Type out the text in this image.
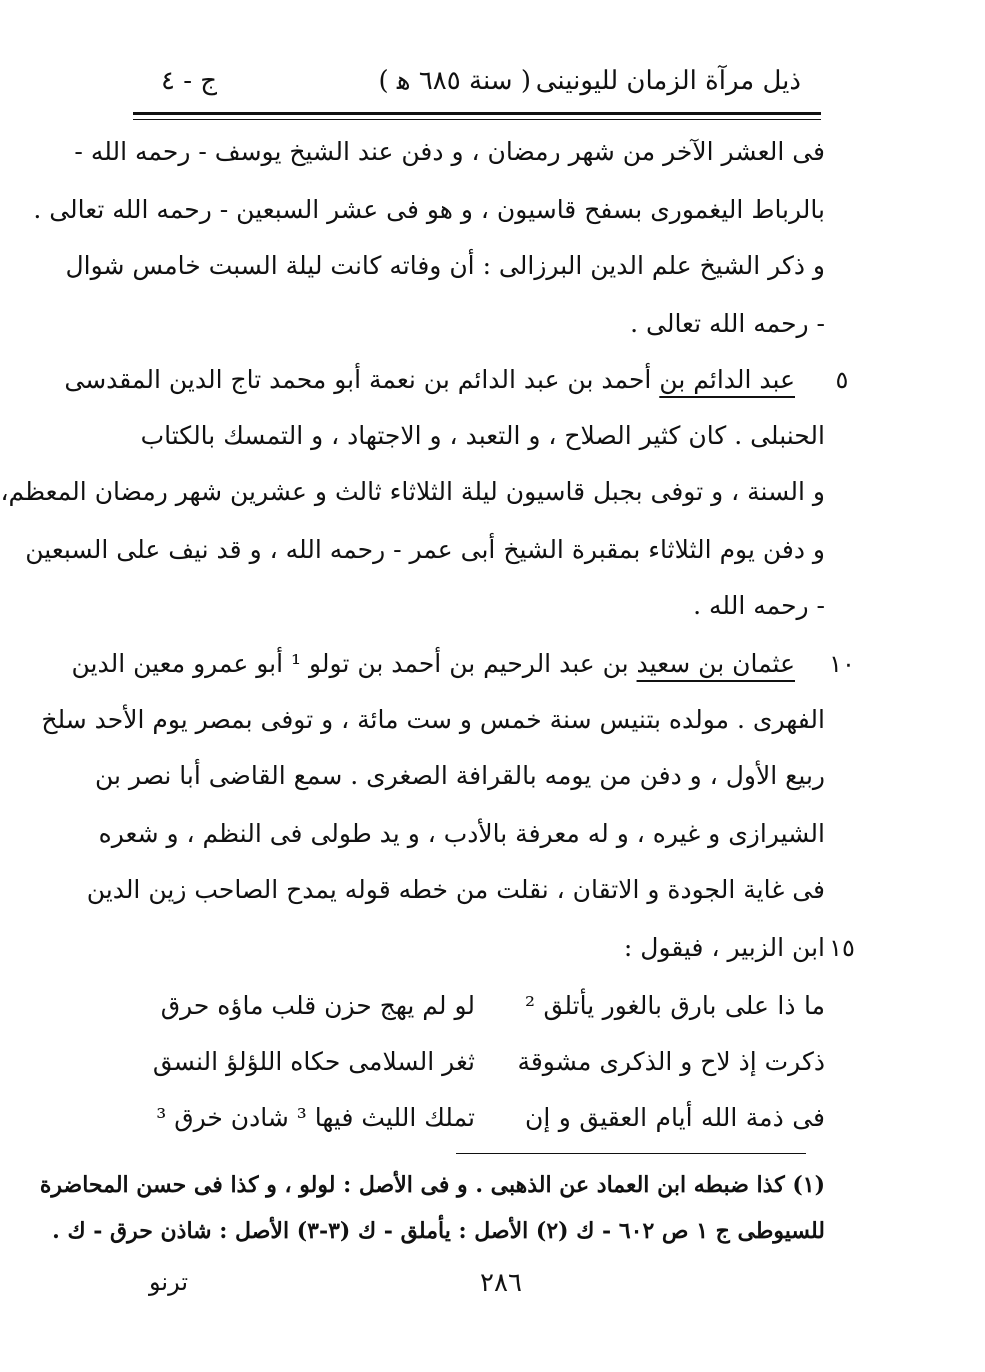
ذيل مرآة الزمان لليونينى
( سنة ٦٨٥ ﻫ )
ج - ٤
فى العشر الآخر من شهر رمضان ، و دفن عند الشيخ يوسف - رحمه الله -
بالرباط اليغمورى بسفح قاسيون ، و هو فى عشر السبعين - رحمه الله تعالى .
و ذكر الشيخ علم الدين البرزالى : أن وفاته كانت ليلة السبت خامس شوال
- رحمه الله تعالى .
٥
عبد الدائم بن أحمد بن عبد الدائم بن نعمة أبو محمد تاج الدين المقدسى
الحنبلى . كان كثير الصلاح ، و التعبد ، و الاجتهاد ، و التمسك بالكتاب
و السنة ، و توفى بجبل قاسيون ليلة الثلاثاء ثالث و عشرين شهر رمضان المعظم،
و دفن يوم الثلاثاء بمقبرة الشيخ أبى عمر - رحمه الله ، و قد نيف على السبعين
- رحمه الله .
١٠
عثمان بن سعيد بن عبد الرحيم بن أحمد بن تولو ¹ أبو عمرو معين الدين
الفهرى . مولده بتنيس سنة خمس و ست مائة ، و توفى بمصر يوم الأحد سلخ
ربيع الأول ، و دفن من يومه بالقرافة الصغرى . سمع القاضى أبا نصر بن
الشيرازى و غيره ، و له معرفة بالأدب ، و يد طولى فى النظم ، و شعره
فى غاية الجودة و الاتقان ، نقلت من خطه قوله يمدح الصاحب زين الدين
١٥
ابن الزبير ، فيقول :
ما ذا على بارق بالغور يأتلق ²
لو لم يهج حزن قلب ماؤه حرق
ذكرت إذ لاح و الذكرى مشوقة
ثغر السلامى حكاه اللؤلؤ النسق
فى ذمة الله أيام العقيق و إن
تملك الليث فيها ³ شادن خرق ³
(١) كذا ضبطه ابن العماد عن الذهبى . و فى الأصل : لولو ، و كذا فى حسن المحاضرة
للسيوطى ج ١ ص ٦٠٢ - ك (٢) الأصل : يأملق - ك (٣-٣) الأصل : شاذن حرق - ك .
٢٨٦
ترنو
